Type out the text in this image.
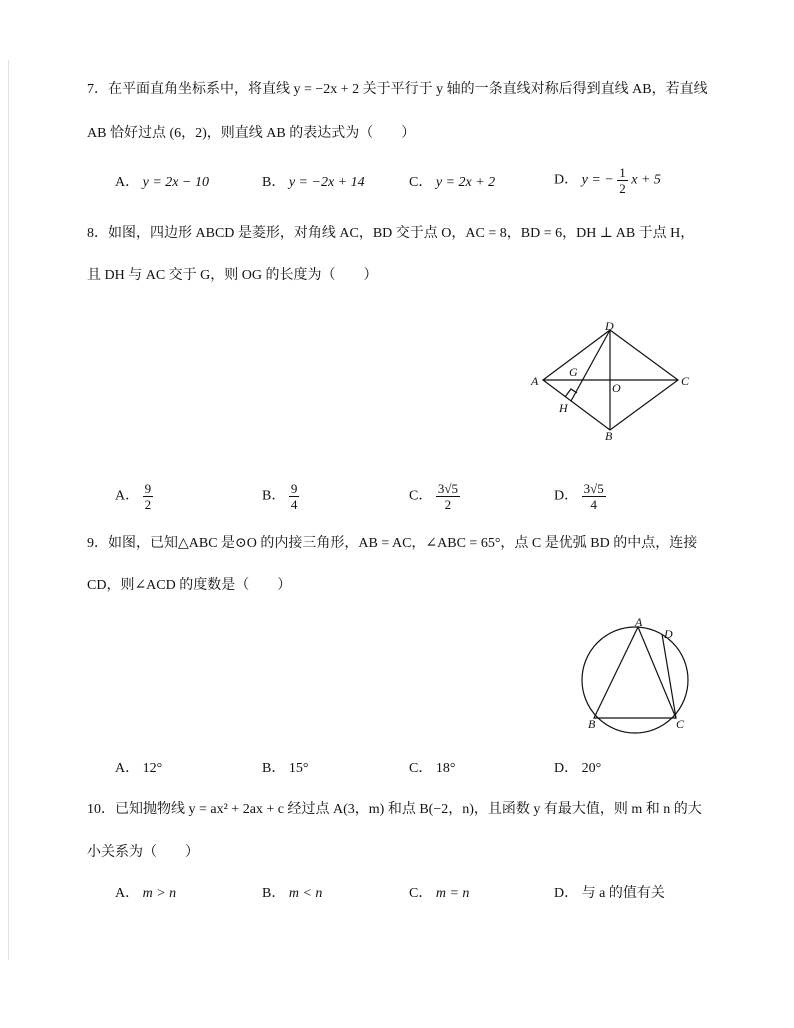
7．在平面直角坐标系中，将直线 y = −2x + 2 关于平行于 y 轴的一条直线对称后得到直线 AB，若直线
AB 恰好过点 (6，2)，则直线 AB 的表达式为（　　）
A． y = 2x − 10	B． y = −2x + 14	C． y = 2x + 2	D． y = − $\frac{1}{2}$ x + 5
8．如图，四边形 ABCD 是菱形，对角线 AC，BD 交于点 O，AC = 8，BD = 6，DH ⊥ AB 于点 H，
且 DH 与 AC 交于 G，则 OG 的长度为（　　）
D
A
G
O	C
H
B
A． $\frac{9}{2}$	B． $\frac{9}{4}$	C． $\frac{3√5}{2}$	D． $\frac{3√5}{4}$
9．如图，已知△ABC 是⊙O 的内接三角形，AB = AC，∠ABC = 65°，点 C 是优弧 BD 的中点，连接
CD，则∠ACD 的度数是（　　）
A
D
B	C
A． 12°	B． 15°	C． 18°	D． 20°
10．已知抛物线 y = ax² + 2ax + c 经过点 A(3，m) 和点 B(−2，n)，且函数 y 有最大值，则 m 和 n 的大
小关系为（　　）
A． m > n	B． m < n	C． m = n	D． 与 a 的值有关
